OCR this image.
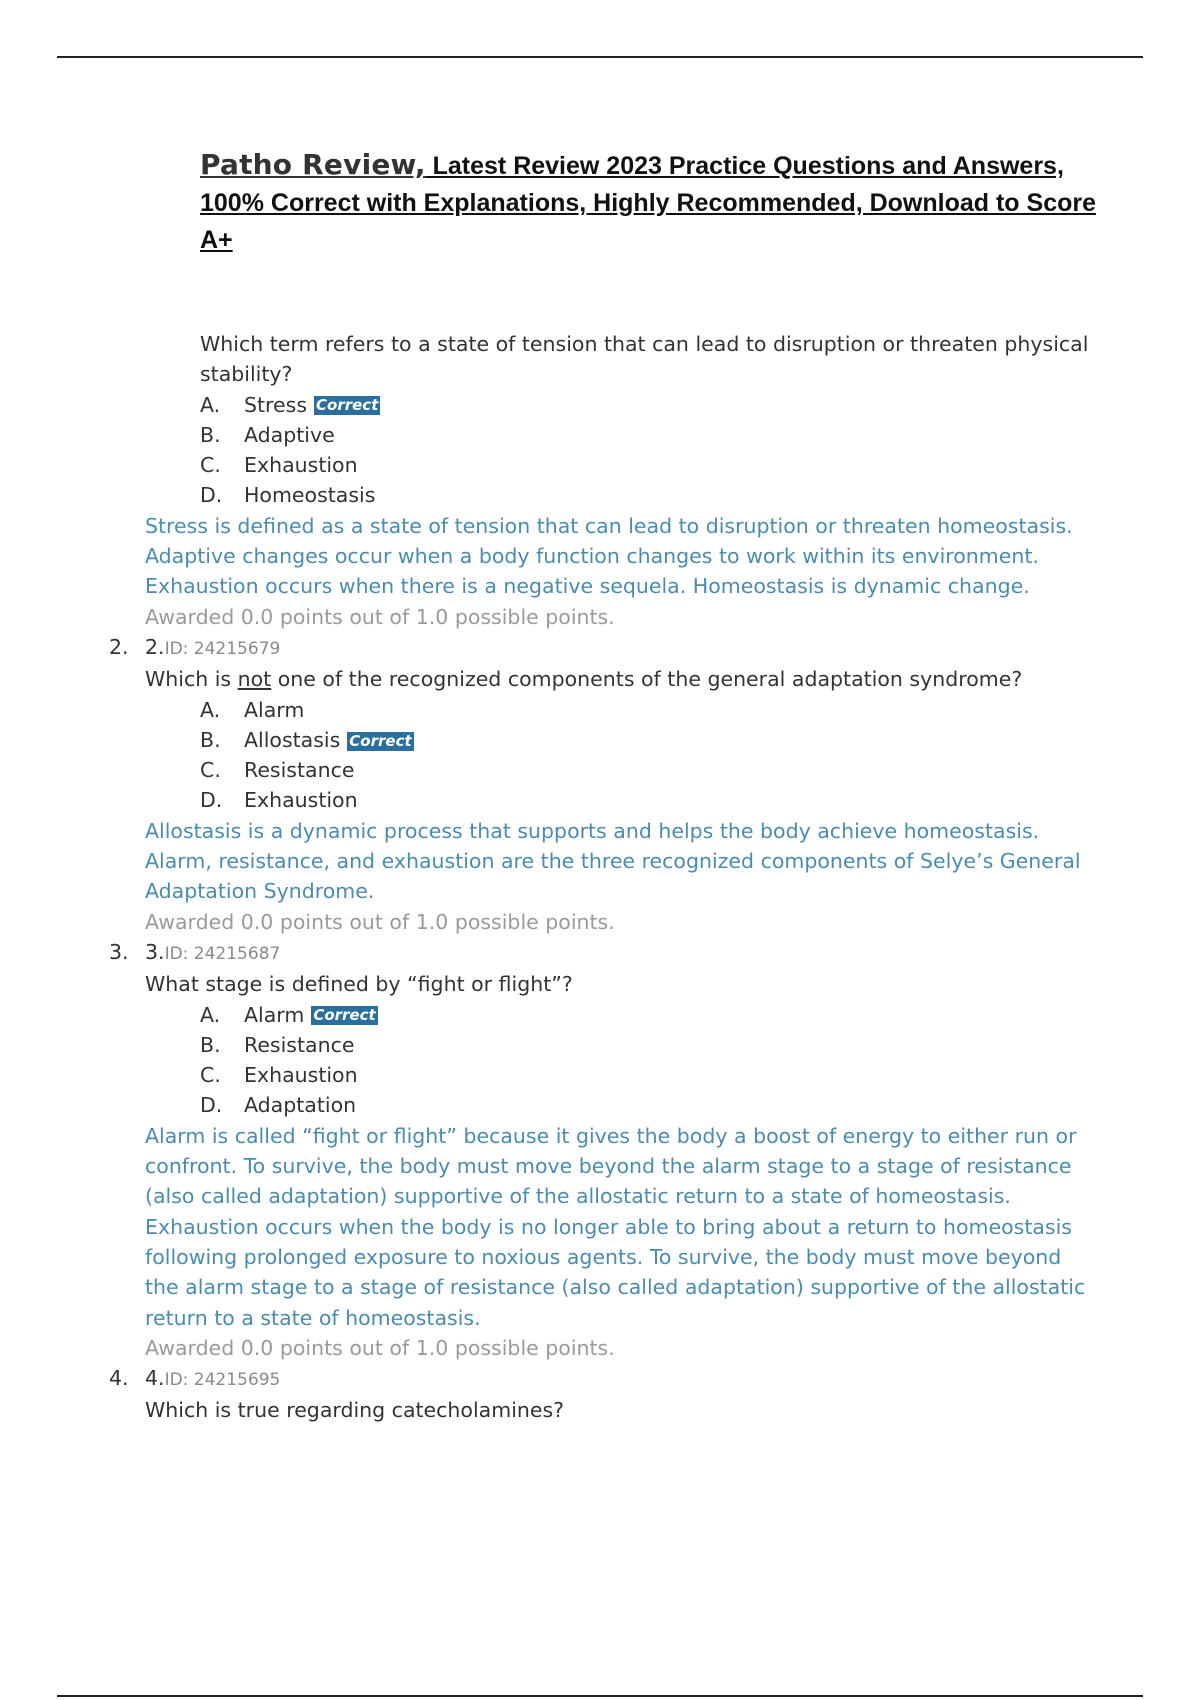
Patho Review, Latest Review 2023 Practice Questions and Answers, 100% Correct with Explanations, Highly Recommended, Download to Score A+
Which term refers to a state of tension that can lead to disruption or threaten physical stability?
A.	Stress Correct
B.	Adaptive
C.	Exhaustion
D.	Homeostasis
Stress is defined as a state of tension that can lead to disruption or threaten homeostasis. Adaptive changes occur when a body function changes to work within its environment. Exhaustion occurs when there is a negative sequela. Homeostasis is dynamic change.
Awarded 0.0 points out of 1.0 possible points.
2. 2.ID: 24215679
Which is not one of the recognized components of the general adaptation syndrome?
A.	Alarm
B.	Allostasis Correct
C.	Resistance
D.	Exhaustion
Allostasis is a dynamic process that supports and helps the body achieve homeostasis. Alarm, resistance, and exhaustion are the three recognized components of Selye’s General Adaptation Syndrome.
Awarded 0.0 points out of 1.0 possible points.
3. 3.ID: 24215687
What stage is defined by “fight or flight”?
A.	Alarm Correct
B.	Resistance
C.	Exhaustion
D.	Adaptation
Alarm is called “fight or flight” because it gives the body a boost of energy to either run or confront. To survive, the body must move beyond the alarm stage to a stage of resistance (also called adaptation) supportive of the allostatic return to a state of homeostasis. Exhaustion occurs when the body is no longer able to bring about a return to homeostasis following prolonged exposure to noxious agents. To survive, the body must move beyond the alarm stage to a stage of resistance (also called adaptation) supportive of the allostatic return to a state of homeostasis.
Awarded 0.0 points out of 1.0 possible points.
4. 4.ID: 24215695
Which is true regarding catecholamines?
